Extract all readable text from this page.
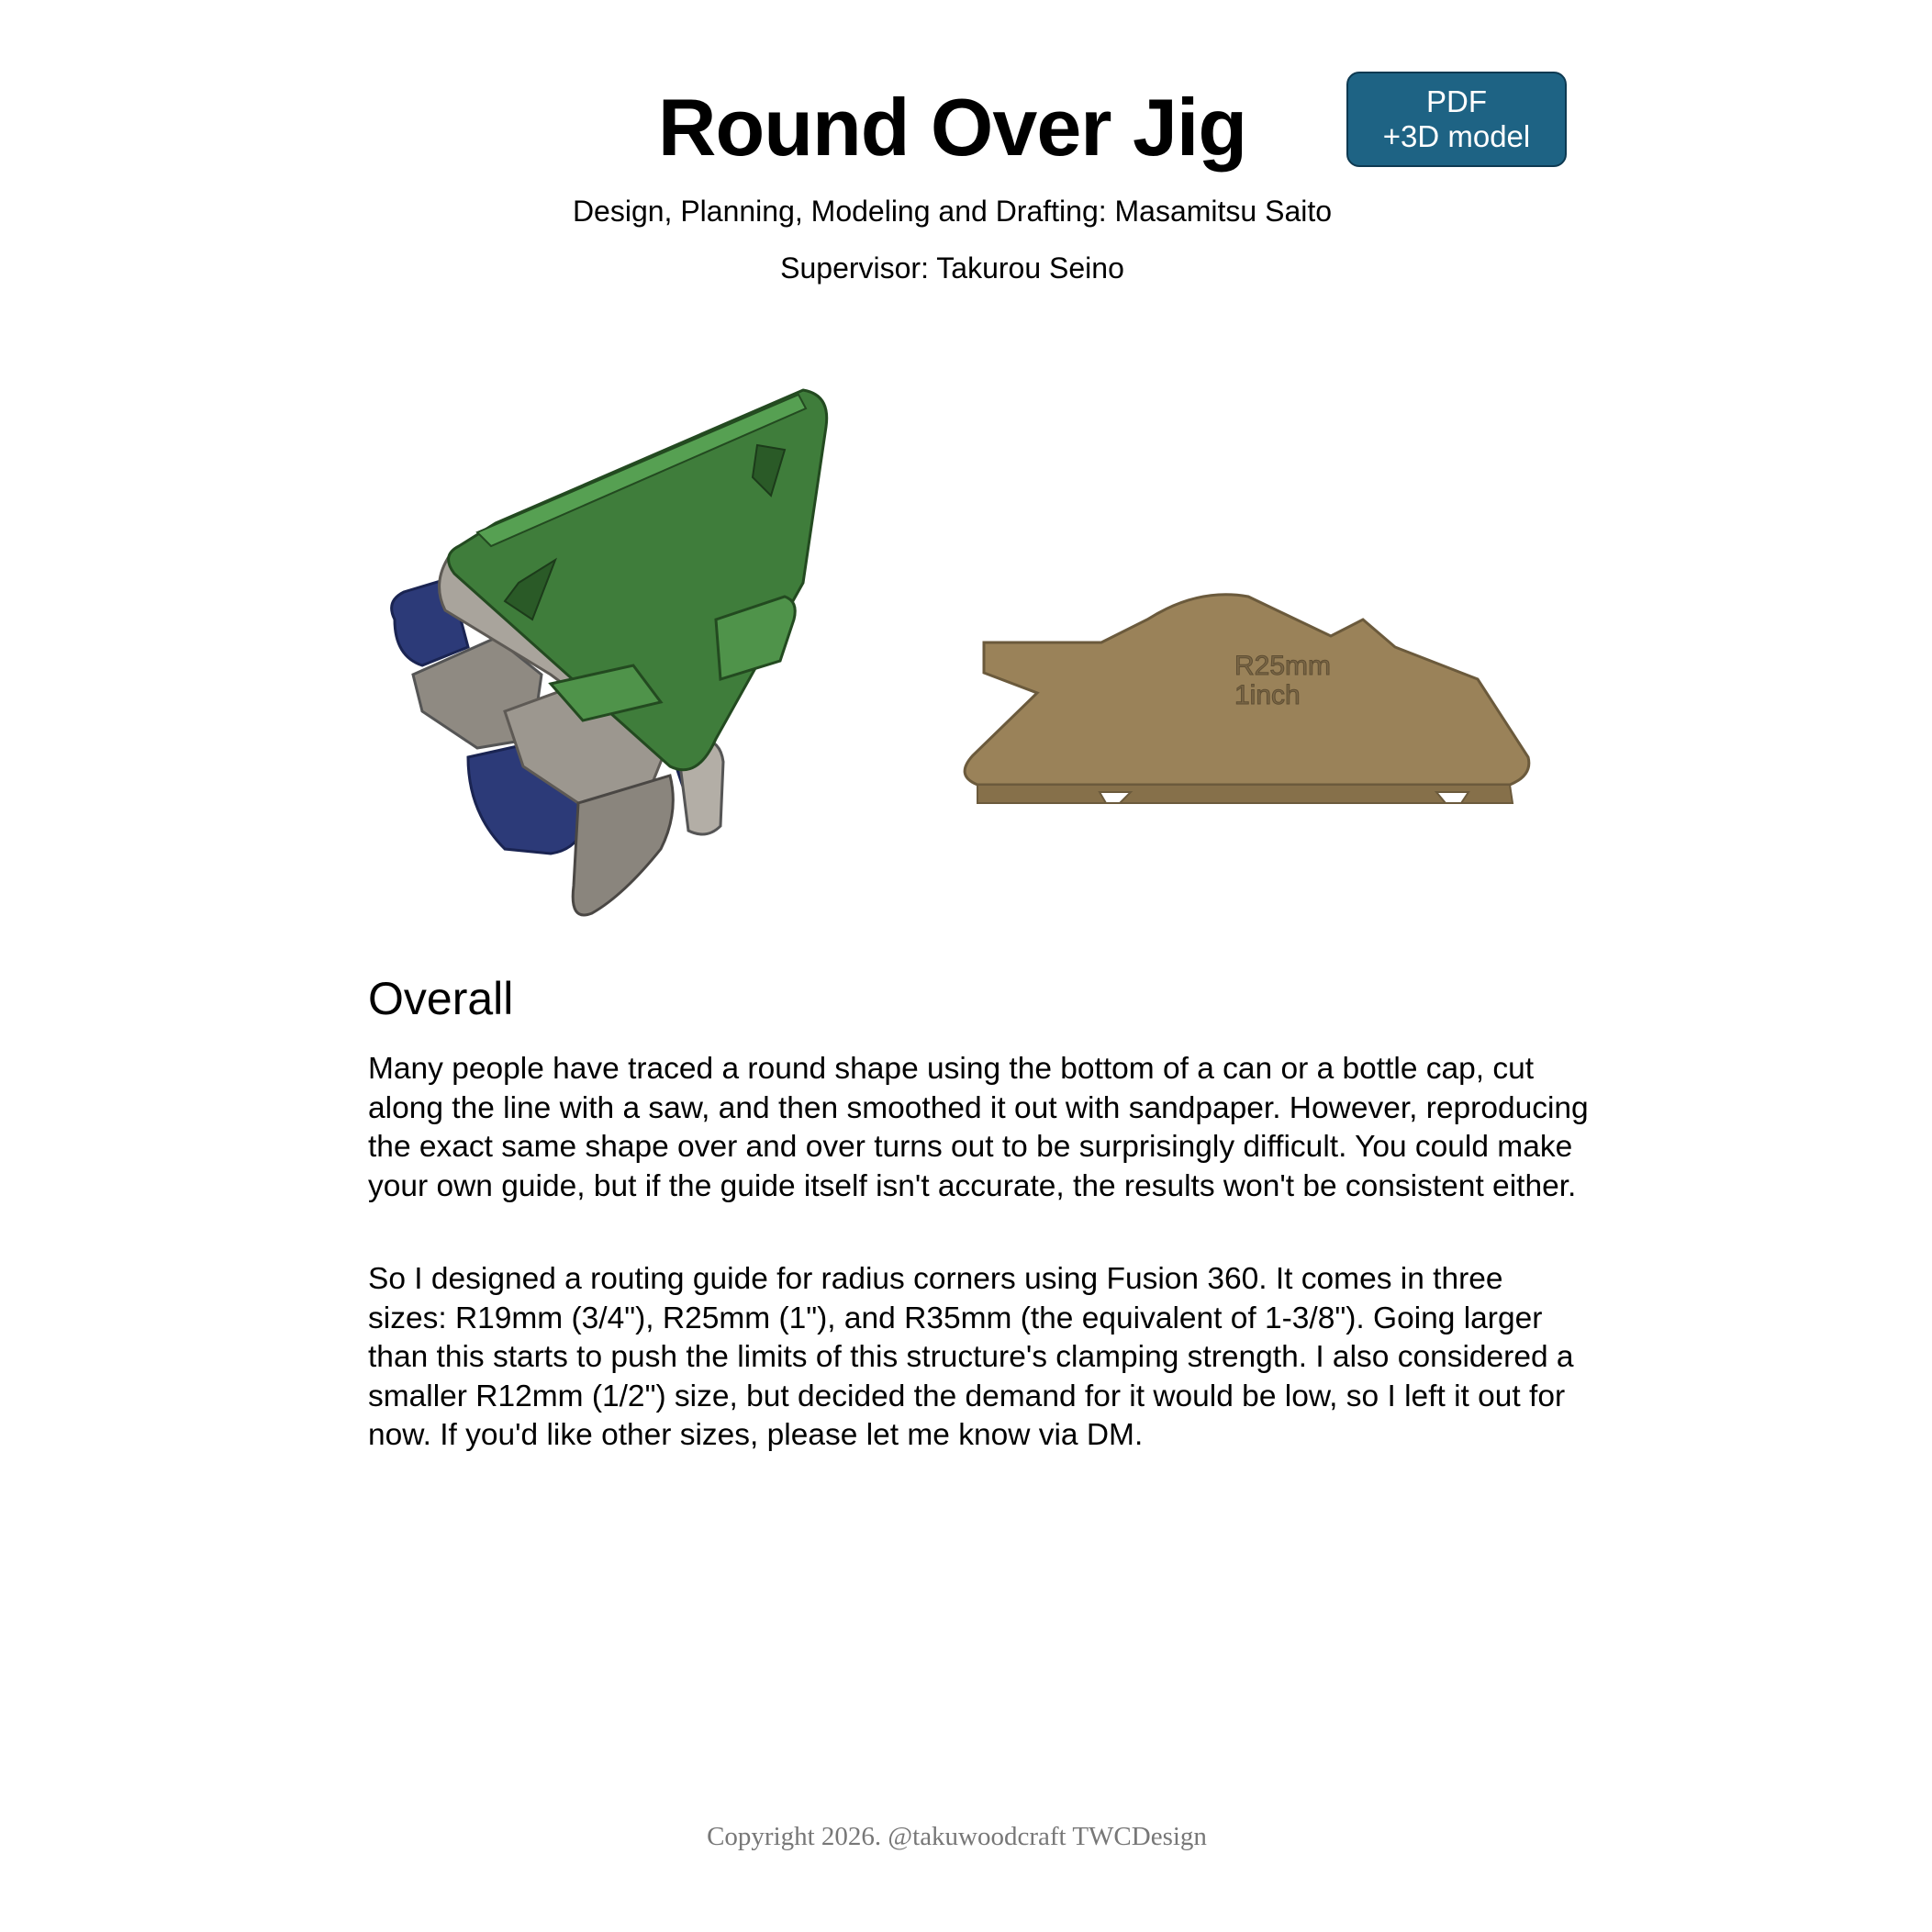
Round Over Jig	PDF
+3D model
Design, Planning, Modeling and Drafting: Masamitsu Saito
Supervisor: Takurou Seino
R25mm
1inch
Overall

Many people have traced a round shape using the bottom of a can or a bottle cap, cut along the line with a saw, and then smoothed it out with sandpaper. However, reproducing the exact same shape over and over turns out to be surprisingly difficult. You could make your own guide, but if the guide itself isn't accurate, the results won't be consistent either.

So I designed a routing guide for radius corners using Fusion 360. It comes in three sizes: R19mm (3/4"), R25mm (1"), and R35mm (the equivalent of 1-3/8"). Going larger than this starts to push the limits of this structure's clamping strength. I also considered a smaller R12mm (1/2") size, but decided the demand for it would be low, so I left it out for now. If you'd like other sizes, please let me know via DM.

Copyright 2026. @takuwoodcraft TWCDesign
